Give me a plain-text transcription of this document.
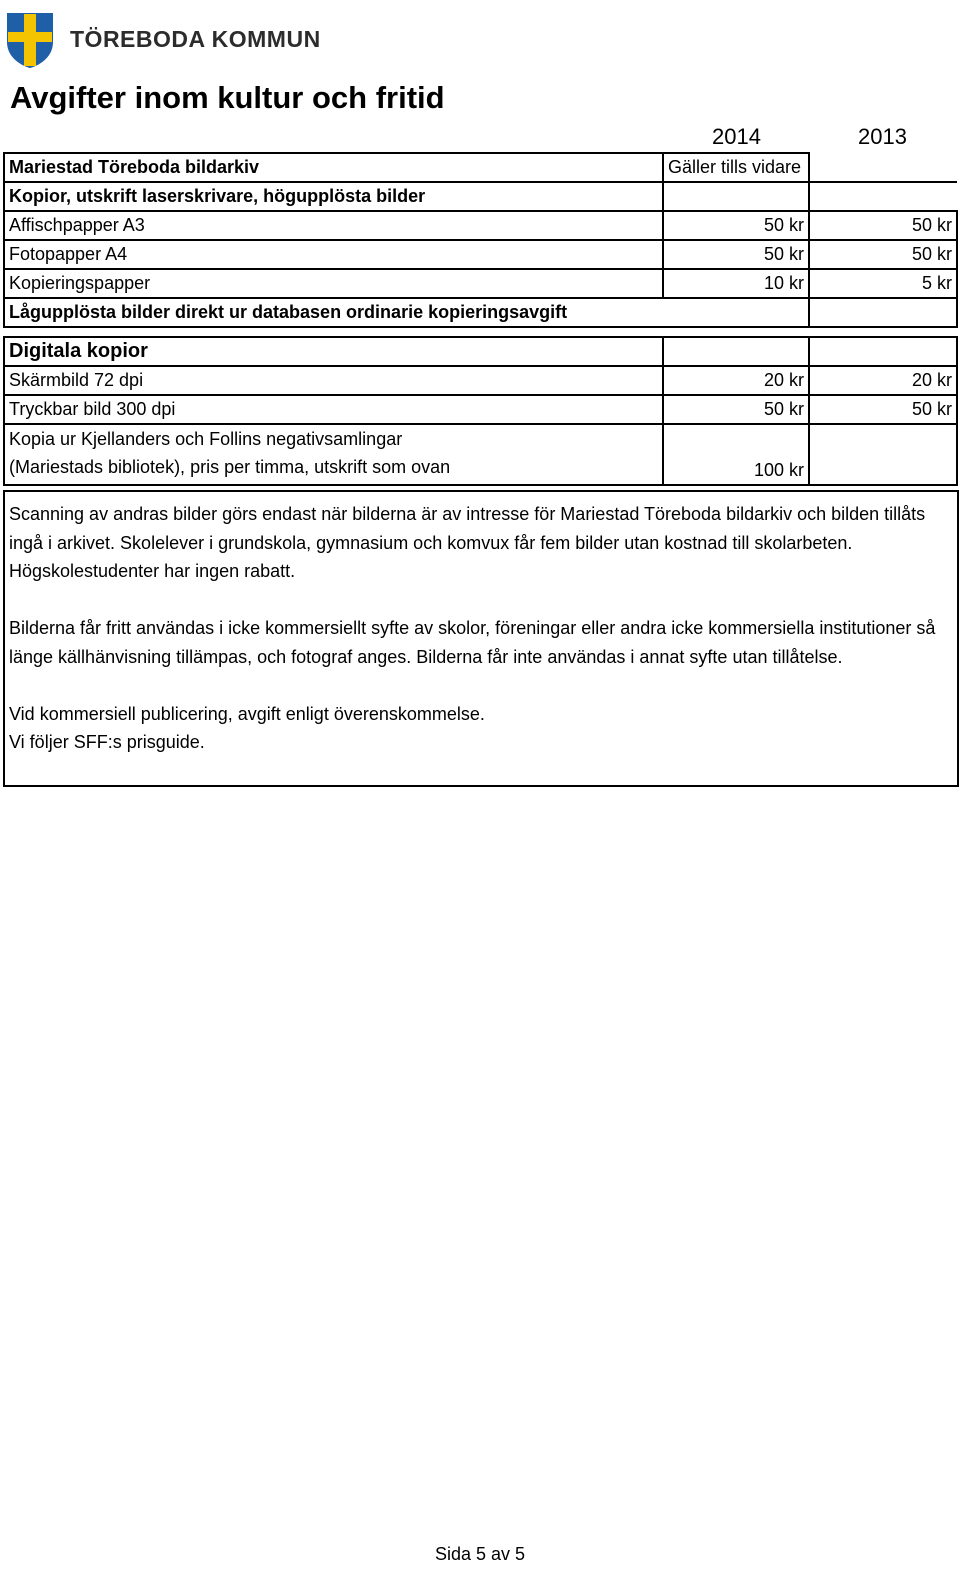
TÖREBODA KOMMUN
Avgifter inom kultur och fritid
2014	2013
Mariestad Töreboda bildarkiv	Gäller tills vidare	
Kopior, utskrift laserskrivare, högupplösta bilder		
Affischpapper A3	50 kr	50 kr
Fotopapper A4	50 kr	50 kr
Kopieringspapper	10 kr	5 kr
Lågupplösta bilder direkt ur databasen ordinarie kopieringsavgift		

Digitala kopior		
Skärmbild 72 dpi	20 kr	20 kr
Tryckbar bild 300 dpi	50 kr	50 kr

Kopia ur Kjellanders och Follins negativsamlingar
(Mariestads bibliotek), pris per timma, utskrift som ovan	100 kr	

Scanning av andras bilder görs endast när bilderna är av intresse för Mariestad Töreboda bildarkiv och bilden tillåts ingå i arkivet. Skolelever i grundskola, gymnasium och komvux får fem bilder utan kostnad till skolarbeten. Högskolestudenter har ingen rabatt.

Bilderna får fritt användas i icke kommersiellt syfte av skolor, föreningar eller andra icke kommersiella institutioner så länge källhänvisning tillämpas, och fotograf anges. Bilderna får inte användas i annat syfte utan tillåtelse.

Vid kommersiell publicering, avgift enligt överenskommelse.
Vi följer SFF:s prisguide.

Sida 5 av 5
